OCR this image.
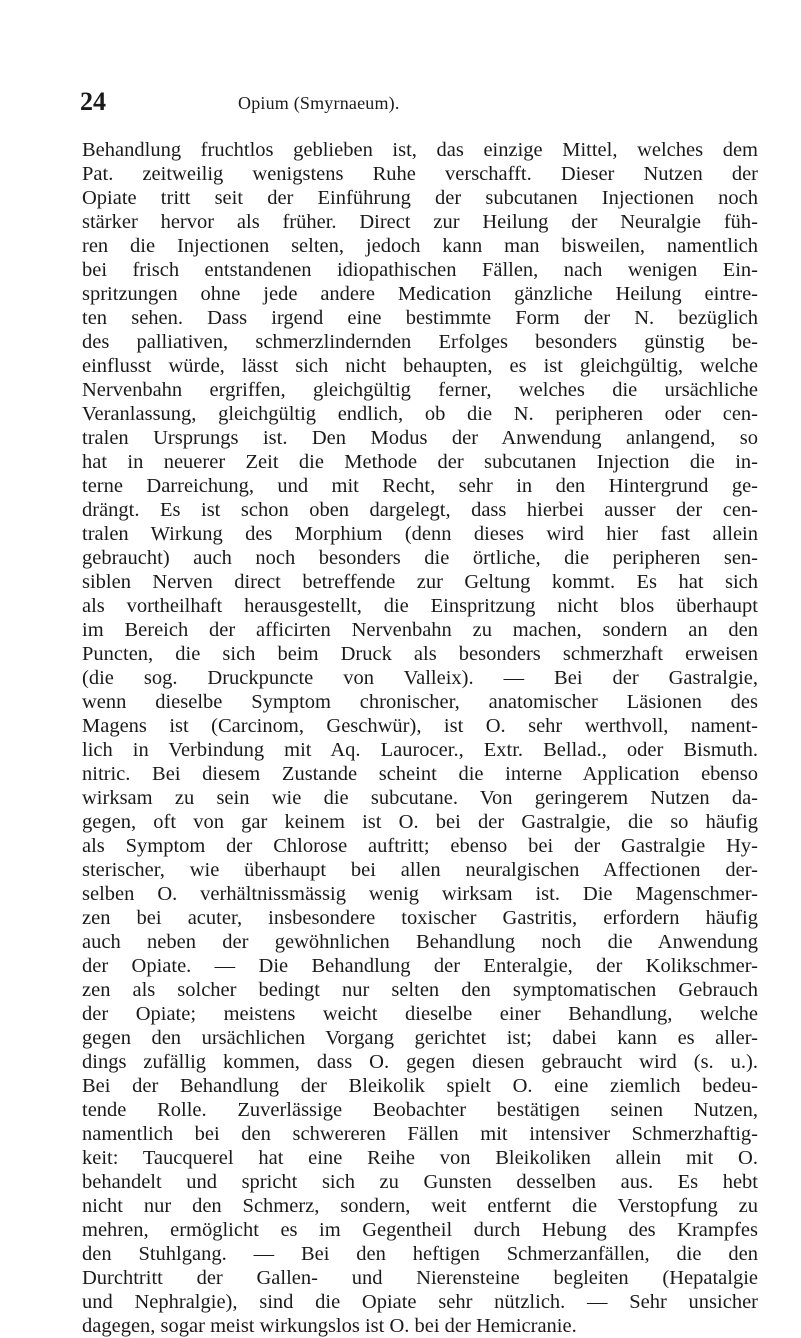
24	Opium (Smyrnaeum).
Behandlung fruchtlos geblieben ist, das einzige Mittel, welches dem
Pat. zeitweilig wenigstens Ruhe verschafft. Dieser Nutzen der
Opiate tritt seit der Einführung der subcutanen Injectionen noch
stärker hervor als früher. Direct zur Heilung der Neuralgie füh-
ren die Injectionen selten, jedoch kann man bisweilen, namentlich
bei frisch entstandenen idiopathischen Fällen, nach wenigen Ein-
spritzungen ohne jede andere Medication gänzliche Heilung eintre-
ten sehen. Dass irgend eine bestimmte Form der N. bezüglich
des palliativen, schmerzlindernden Erfolges besonders günstig be-
einflusst würde, lässt sich nicht behaupten, es ist gleichgültig, welche
Nervenbahn ergriffen, gleichgültig ferner, welches die ursächliche
Veranlassung, gleichgültig endlich, ob die N. peripheren oder cen-
tralen Ursprungs ist. Den Modus der Anwendung anlangend, so
hat in neuerer Zeit die Methode der subcutanen Injection die in-
terne Darreichung, und mit Recht, sehr in den Hintergrund ge-
drängt. Es ist schon oben dargelegt, dass hierbei ausser der cen-
tralen Wirkung des Morphium (denn dieses wird hier fast allein
gebraucht) auch noch besonders die örtliche, die peripheren sen-
siblen Nerven direct betreffende zur Geltung kommt. Es hat sich
als vortheilhaft herausgestellt, die Einspritzung nicht blos überhaupt
im Bereich der afficirten Nervenbahn zu machen, sondern an den
Puncten, die sich beim Druck als besonders schmerzhaft erweisen
(die sog. Druckpuncte von Valleix). — Bei der Gastralgie,
wenn dieselbe Symptom chronischer, anatomischer Läsionen des
Magens ist (Carcinom, Geschwür), ist O. sehr werthvoll, nament-
lich in Verbindung mit Aq. Laurocer., Extr. Bellad., oder Bismuth.
nitric. Bei diesem Zustande scheint die interne Application ebenso
wirksam zu sein wie die subcutane. Von geringerem Nutzen da-
gegen, oft von gar keinem ist O. bei der Gastralgie, die so häufig
als Symptom der Chlorose auftritt; ebenso bei der Gastralgie Hy-
sterischer, wie überhaupt bei allen neuralgischen Affectionen der-
selben O. verhältnissmässig wenig wirksam ist. Die Magenschmer-
zen bei acuter, insbesondere toxischer Gastritis, erfordern häufig
auch neben der gewöhnlichen Behandlung noch die Anwendung
der Opiate. — Die Behandlung der Enteralgie, der Kolikschmer-
zen als solcher bedingt nur selten den symptomatischen Gebrauch
der Opiate; meistens weicht dieselbe einer Behandlung, welche
gegen den ursächlichen Vorgang gerichtet ist; dabei kann es aller-
dings zufällig kommen, dass O. gegen diesen gebraucht wird (s. u.).
Bei der Behandlung der Bleikolik spielt O. eine ziemlich bedeu-
tende Rolle. Zuverlässige Beobachter bestätigen seinen Nutzen,
namentlich bei den schwereren Fällen mit intensiver Schmerzhaftig-
keit: Taucquerel hat eine Reihe von Bleikoliken allein mit O.
behandelt und spricht sich zu Gunsten desselben aus. Es hebt
nicht nur den Schmerz, sondern, weit entfernt die Verstopfung zu
mehren, ermöglicht es im Gegentheil durch Hebung des Krampfes
den Stuhlgang. — Bei den heftigen Schmerzanfällen, die den
Durchtritt der Gallen- und Nierensteine begleiten (Hepatalgie
und Nephralgie), sind die Opiate sehr nützlich. — Sehr unsicher
dagegen, sogar meist wirkungslos ist O. bei der Hemicranie.
